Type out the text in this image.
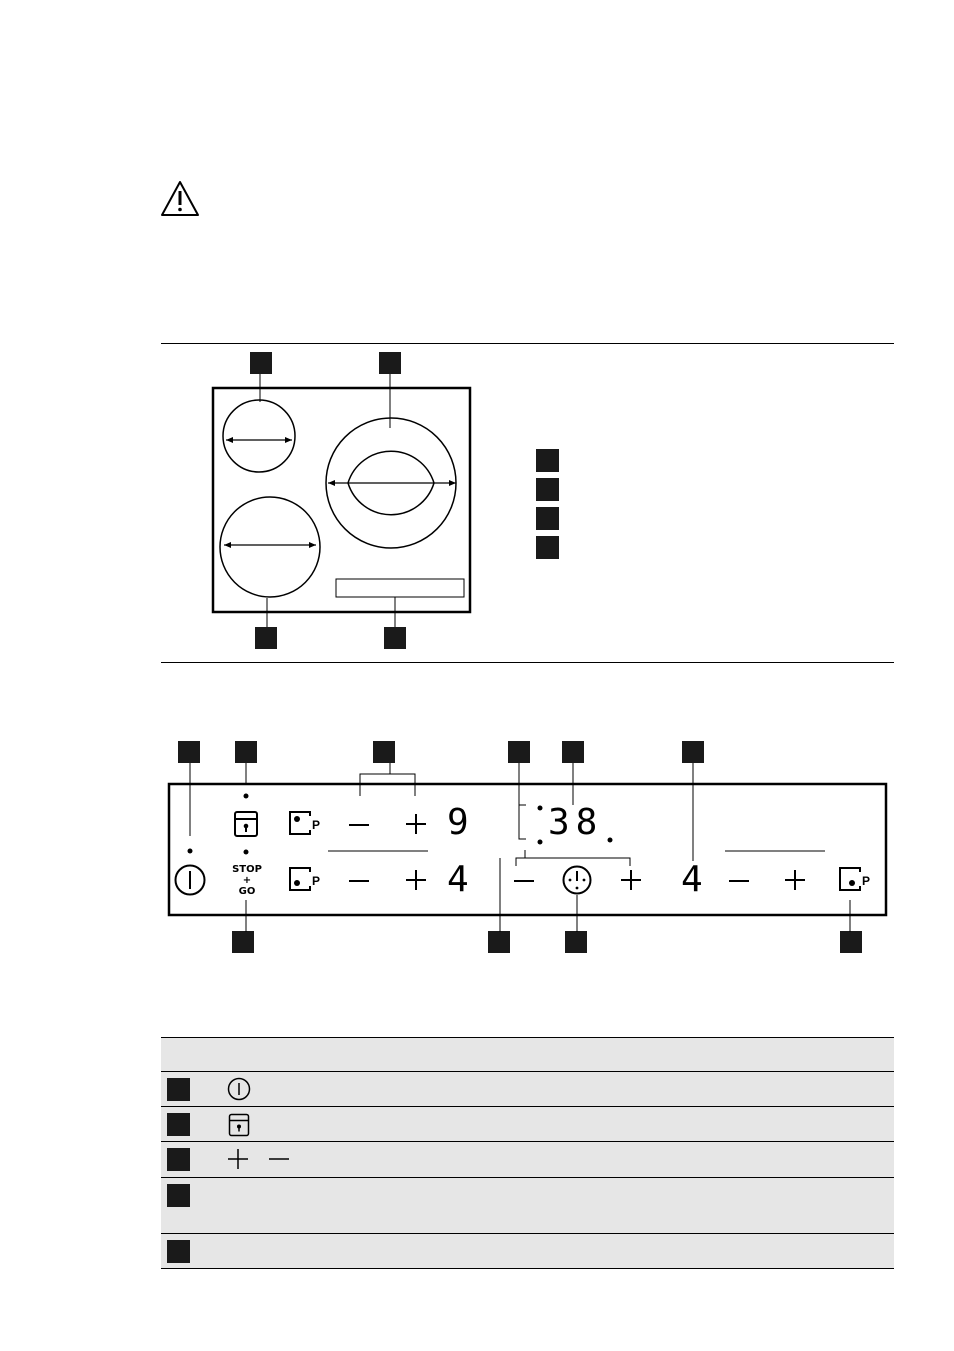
STOP
+
GO
P
P	P
9
4
38
4
